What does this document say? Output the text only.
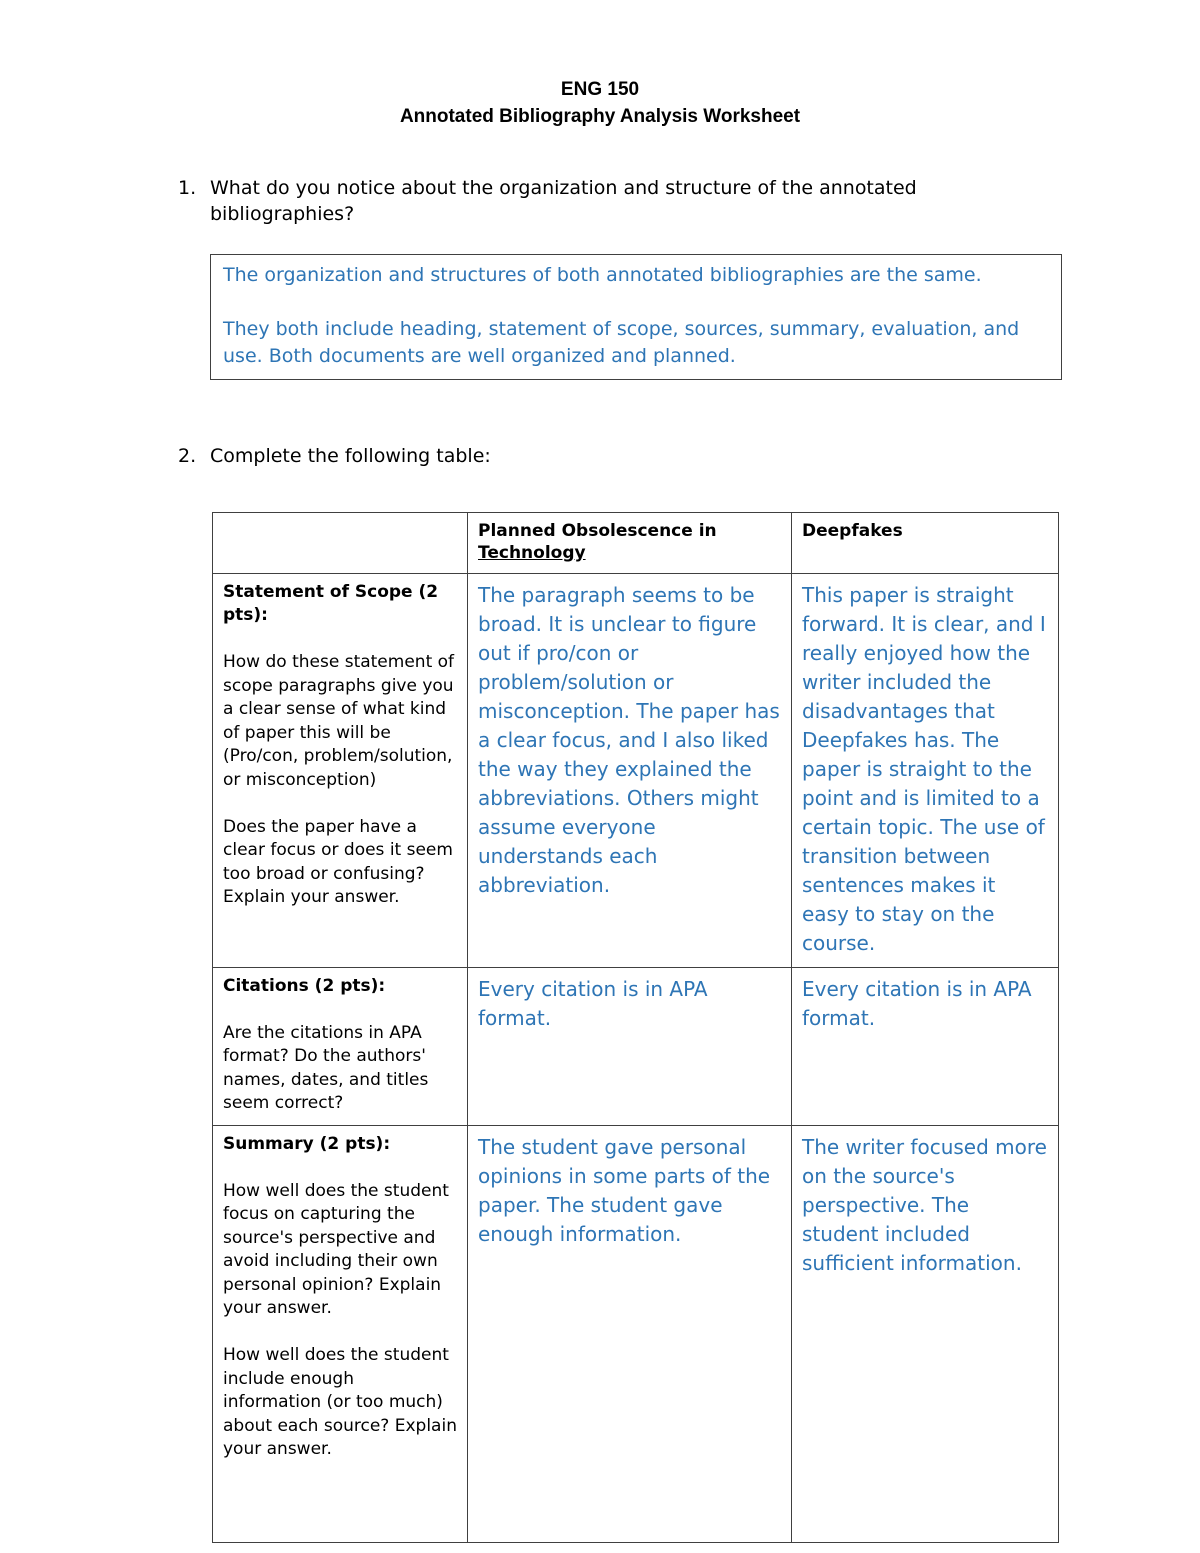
ENG 150
Annotated Bibliography Analysis Worksheet
1. What do you notice about the organization and structure of the annotated bibliographies?

The organization and structures of both annotated bibliographies are the same.

They both include heading, statement of scope, sources, summary, evaluation, and use. Both documents are well organized and planned.

2. Complete the following table:
	Planned Obsolescence in
Technology	Deepfakes

Statement of Scope (2 pts):

How do these statement of scope paragraphs give you a clear sense of what kind of paper this will be (Pro/con, problem/solution, or misconception)

Does the paper have a clear focus or does it seem too broad or confusing? Explain your answer.

	The paragraph seems to be broad. It is unclear to figure out if pro/con or problem/solution or misconception. The paper has a clear focus, and I also liked the way they explained the abbreviations. Others might assume everyone understands each abbreviation.	This paper is straight forward. It is clear, and I really enjoyed how the writer included the disadvantages that Deepfakes has. The paper is straight to the point and is limited to a certain topic. The use of transition between sentences makes it easy to stay on the course.

Citations (2 pts):

Are the citations in APA format? Do the authors' names, dates, and titles seem correct?	Every citation is in APA format.	Every citation is in APA format.

Summary (2 pts):

How well does the student focus on capturing the source's perspective and avoid including their own personal opinion? Explain your answer.

How well does the student include enough information (or too much) about each source? Explain your answer.	The student gave personal opinions in some parts of the paper. The student gave enough information.	The writer focused more on the source's perspective. The student included sufficient information.
